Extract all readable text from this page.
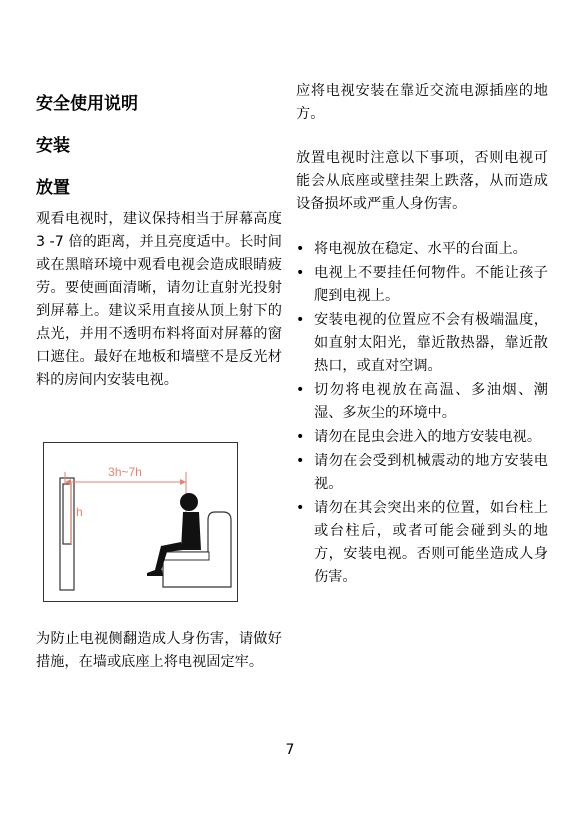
安全使用说明
安装
放置
观看电视时，建议保持相当于屏幕高度 3 -7 倍的距离，并且亮度适中。长时间或在黑暗环境中观看电视会造成眼睛疲劳。要使画面清晰，请勿让直射光投射到屏幕上。建议采用直接从顶上射下的点光，并用不透明布料将面对屏幕的窗口遮住。最好在地板和墙壁不是反光材料的房间内安装电视。
为防止电视侧翻造成人身伤害，请做好措施，在墙或底座上将电视固定牢。
3h~7h
h
应将电视安装在靠近交流电源插座的地方。
放置电视时注意以下事项，否则电视可能会从底座或壁挂架上跌落，从而造成设备损坏或严重人身伤害。
• 将电视放在稳定、水平的台面上。
• 电视上不要挂任何物件。不能让孩子爬到电视上。
• 安装电视的位置应不会有极端温度，如直射太阳光，靠近散热器，靠近散热口，或直对空调。
• 切勿将电视放在高温、多油烟、潮湿、多灰尘的环境中。
• 请勿在昆虫会进入的地方安装电视。
• 请勿在会受到机械震动的地方安装电视。
• 请勿在其会突出来的位置，如台柱上或台柱后，或者可能会碰到头的地方，安装电视。否则可能坐造成人身伤害。
7
